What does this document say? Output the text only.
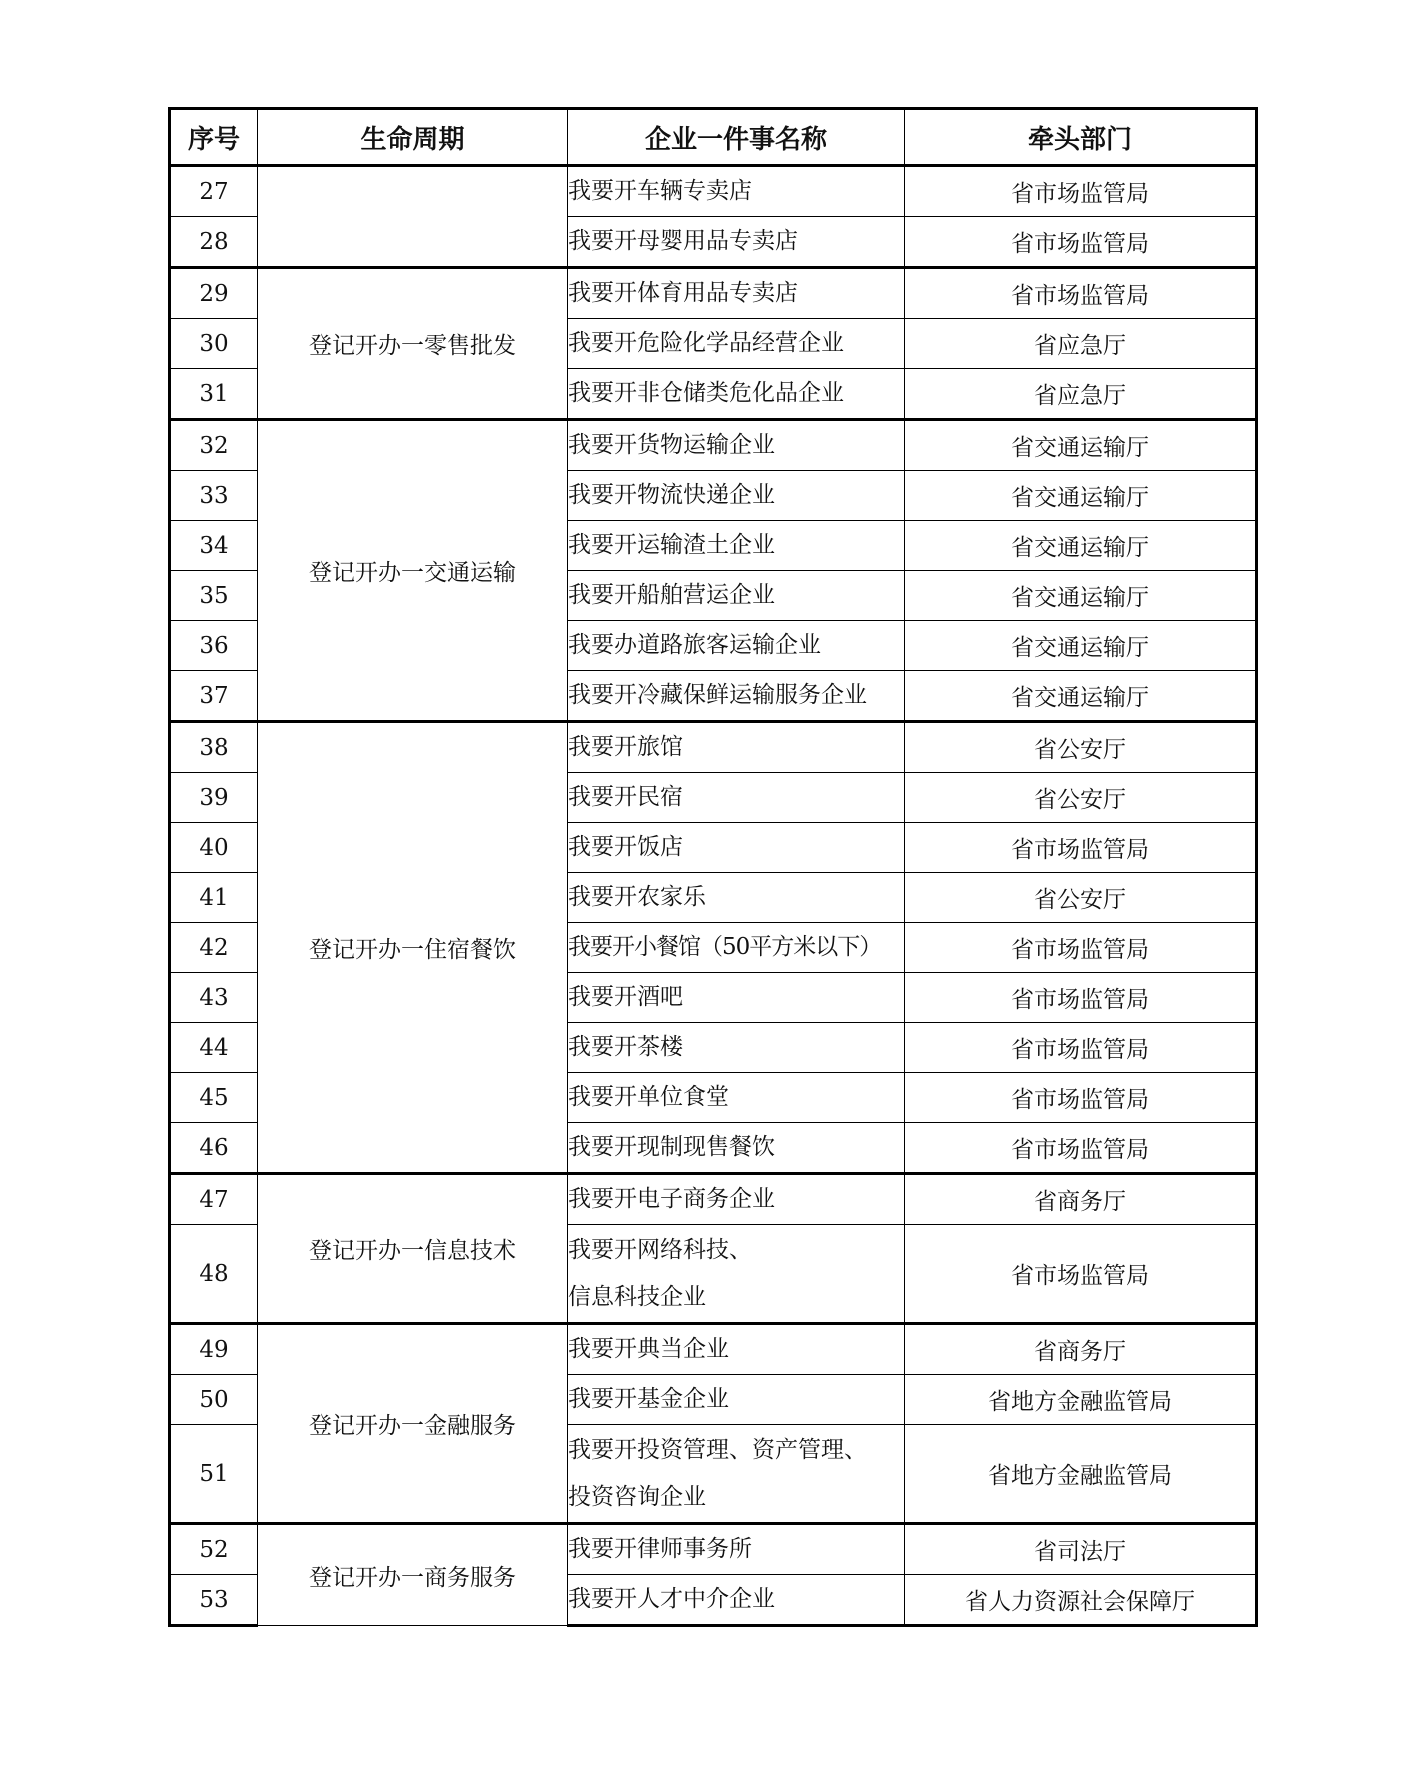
序号	生命周期	企业一件事名称	牵头部门
27		我要开车辆专卖店	省市场监管局
28		我要开母婴用品专卖店	省市场监管局
29	登记开办一零售批发	我要开体育用品专卖店	省市场监管局
30		我要开危险化学品经营企业	省应急厅
31		我要开非仓储类危化品企业	省应急厅
32	登记开办一交通运输	我要开货物运输企业	省交通运输厅
33		我要开物流快递企业	省交通运输厅
34		我要开运输渣土企业	省交通运输厅
35		我要开船舶营运企业	省交通运输厅
36		我要办道路旅客运输企业	省交通运输厅
37		我要开冷藏保鲜运输服务企业	省交通运输厅
38	登记开办一住宿餐饮	我要开旅馆	省公安厅
39		我要开民宿	省公安厅
40		我要开饭店	省市场监管局
41		我要开农家乐	省公安厅
42		我要开小餐馆（50平方米以下）	省市场监管局
43		我要开酒吧	省市场监管局
44		我要开茶楼	省市场监管局
45		我要开单位食堂	省市场监管局
46		我要开现制现售餐饮	省市场监管局
47	登记开办一信息技术	我要开电子商务企业	省商务厅
48		我要开网络科技、
信息科技企业	省市场监管局
49	登记开办一金融服务	我要开典当企业	省商务厅
50		我要开基金企业	省地方金融监管局
51		我要开投资管理、资产管理、
投资咨询企业	省地方金融监管局
52	登记开办一商务服务	我要开律师事务所	省司法厅
53		我要开人才中介企业	省人力资源社会保障厅
